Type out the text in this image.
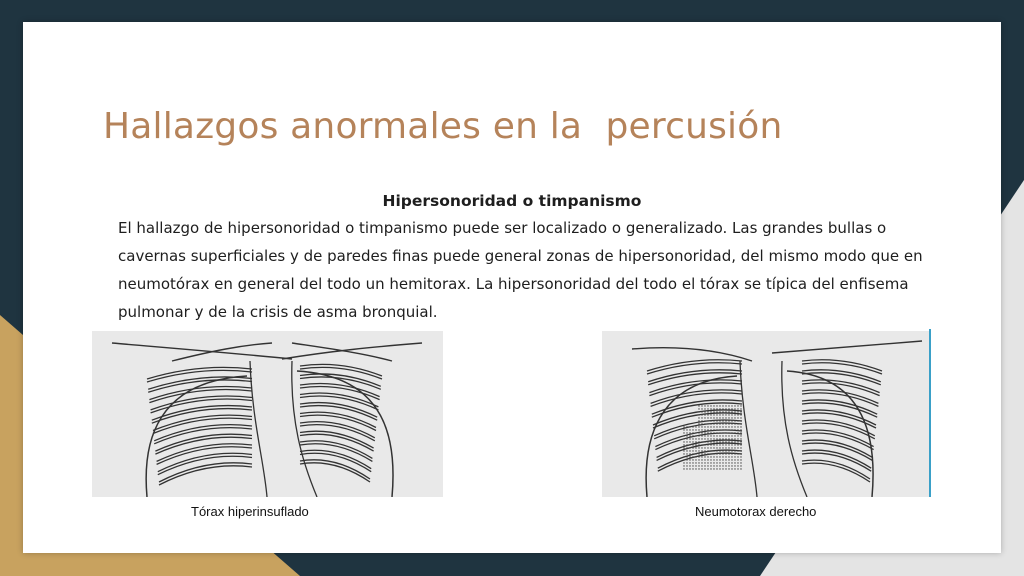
Hallazgos anormales en la  percusión

Hipersonoridad o timpanismo

El hallazgo de hipersonoridad o timpanismo puede ser localizado o generalizado. Las grandes bullas o cavernas superficiales y de paredes finas puede general zonas de hipersonoridad, del mismo modo que en neumotórax en general del todo un hemitorax. La hipersonoridad del todo el tórax se típica del enfisema pulmonar y de la crisis de asma bronquial.

Tórax hiperinsuflado	Neumotorax derecho
